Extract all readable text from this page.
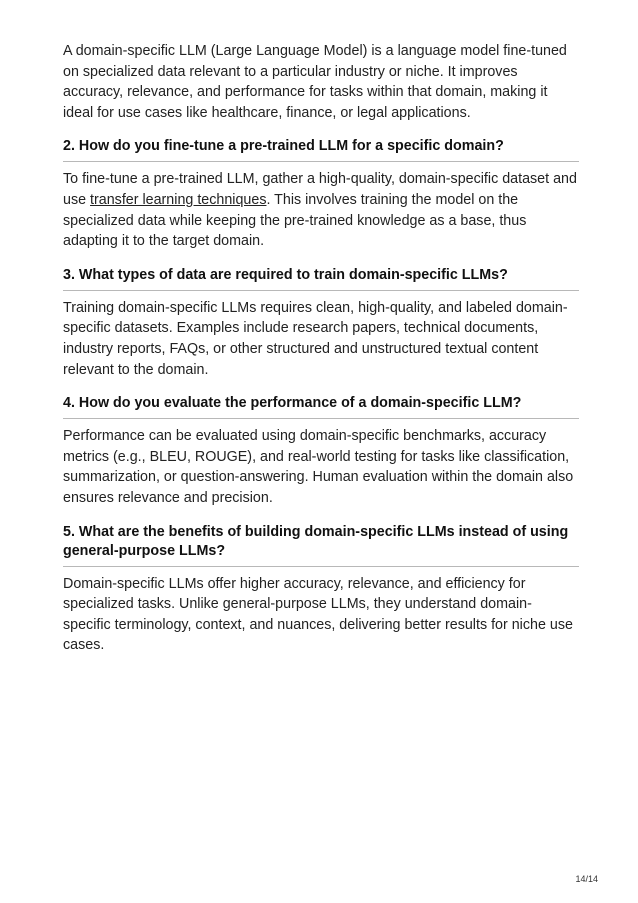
A domain-specific LLM (Large Language Model) is a language model fine-tuned on specialized data relevant to a particular industry or niche. It improves accuracy, relevance, and performance for tasks within that domain, making it ideal for use cases like healthcare, finance, or legal applications.

2. How do you fine-tune a pre-trained LLM for a specific domain?

To fine-tune a pre-trained LLM, gather a high-quality, domain-specific dataset and use transfer learning techniques. This involves training the model on the specialized data while keeping the pre-trained knowledge as a base, thus adapting it to the target domain.

3. What types of data are required to train domain-specific LLMs?

Training domain-specific LLMs requires clean, high-quality, and labeled domain-specific datasets. Examples include research papers, technical documents, industry reports, FAQs, or other structured and unstructured textual content relevant to the domain.

4. How do you evaluate the performance of a domain-specific LLM?

Performance can be evaluated using domain-specific benchmarks, accuracy metrics (e.g., BLEU, ROUGE), and real-world testing for tasks like classification, summarization, or question-answering. Human evaluation within the domain also ensures relevance and precision.

5. What are the benefits of building domain-specific LLMs instead of using general-purpose LLMs?

Domain-specific LLMs offer higher accuracy, relevance, and efficiency for specialized tasks. Unlike general-purpose LLMs, they understand domain-specific terminology, context, and nuances, delivering better results for niche use cases.

14/14
